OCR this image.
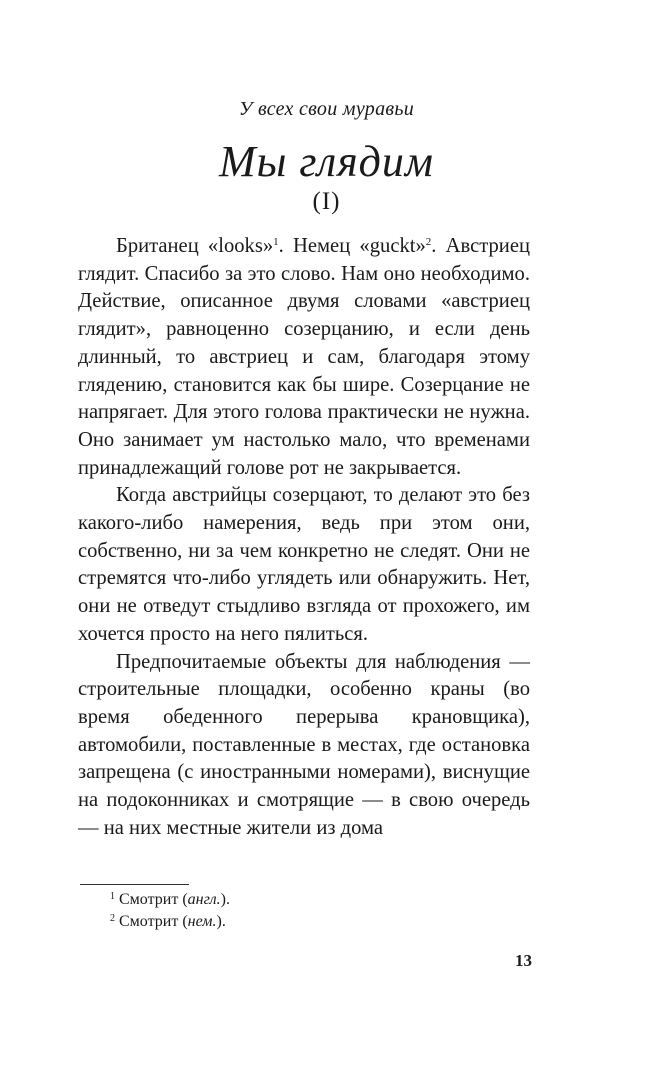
У всех свои муравьи
Мы глядим
(I)

Британец «looks»$^1$. Немец «guckt»$^2$. Австриец глядит. Спасибо за это слово. Нам оно необходимо. Действие, описанное двумя словами «австриец глядит», равноценно созерцанию, и если день длинный, то австриец и сам, благодаря этому глядению, становится как бы шире. Созерцание не напрягает. Для этого голова практически не нужна. Оно занимает ум настолько мало, что временами принадлежащий голове рот не закрывается.

Когда австрийцы созерцают, то делают это без какого-либо намерения, ведь при этом они, собственно, ни за чем конкретно не следят. Они не стремятся что-либо углядеть или обнаружить. Нет, они не отведут стыдливо взгляда от прохожего, им хочется просто на него пялиться.

Предпочитаемые объекты для наблюдения — строительные площадки, особенно краны (во время обеденного перерыва крановщика), автомобили, поставленные в местах, где остановка запрещена (с иностранными номерами), виснущие на подоконниках и смотрящие — в свою очередь — на них местные жители из дома

$^1$ Смотрит (англ.).
$^2$ Смотрит (нем.).
13
